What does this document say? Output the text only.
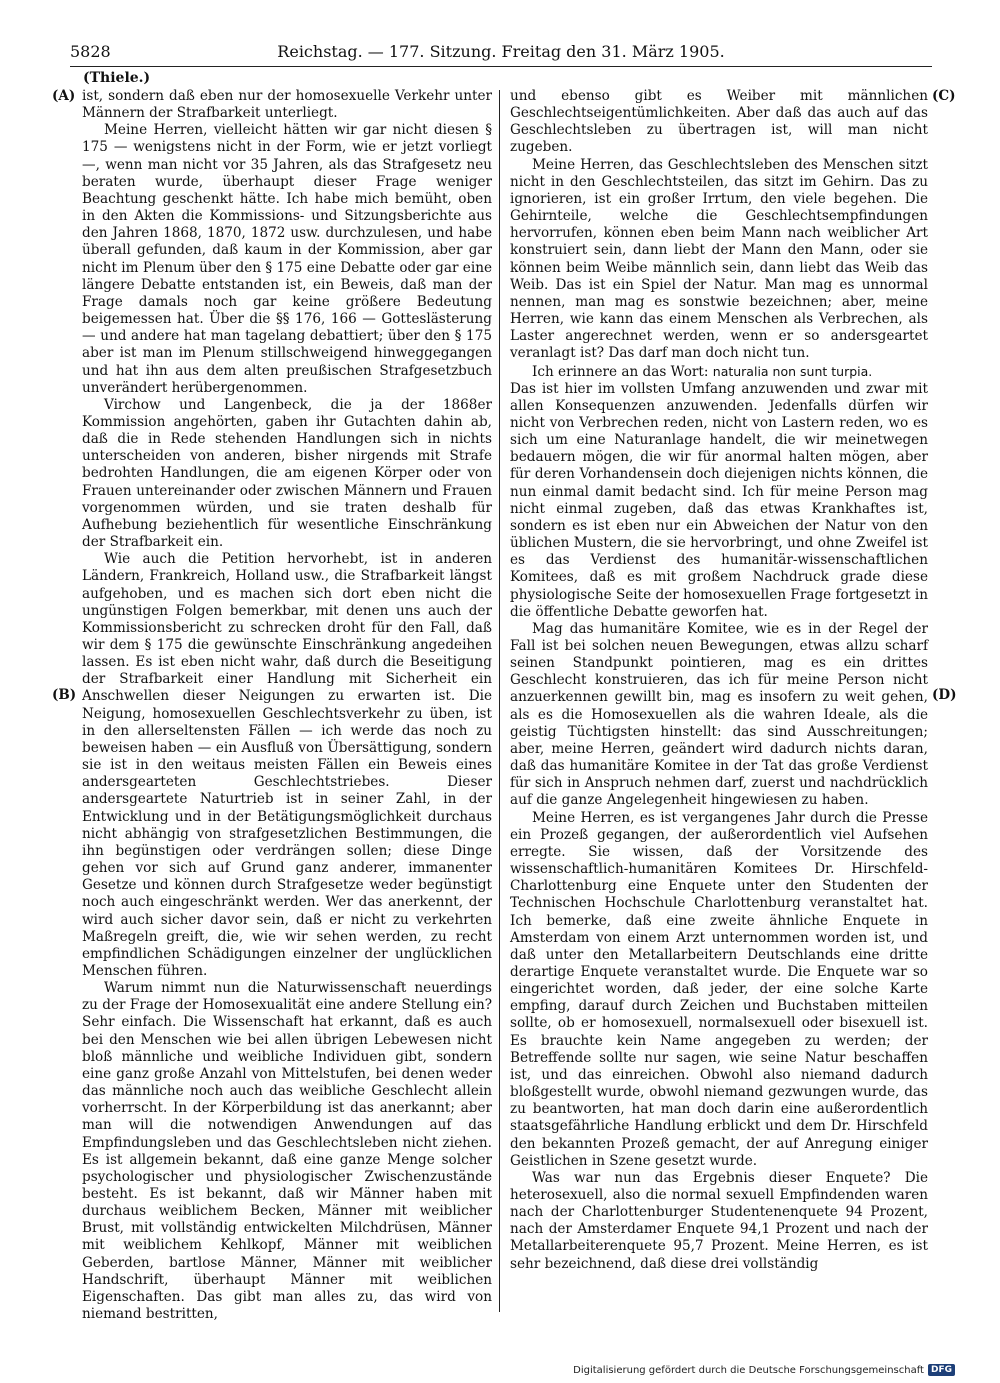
5828	Reichstag. — 177. Sitzung. Freitag den 31. März 1905.
(Thiele.)
(A)
(B)
(C)
(D)

ist, sondern daß eben nur der homosexuelle Verkehr unter Männern der Strafbarkeit unterliegt.

Meine Herren, vielleicht hätten wir gar nicht diesen § 175 — wenigstens nicht in der Form, wie er jetzt vorliegt —, wenn man nicht vor 35 Jahren, als das Strafgesetz neu beraten wurde, überhaupt dieser Frage weniger Beachtung geschenkt hätte. Ich habe mich bemüht, oben in den Akten die Kommissions- und Sitzungsberichte aus den Jahren 1868, 1870, 1872 usw. durchzulesen, und habe überall gefunden, daß kaum in der Kommission, aber gar nicht im Plenum über den § 175 eine Debatte oder gar eine längere Debatte entstanden ist, ein Beweis, daß man der Frage damals noch gar keine größere Bedeutung beigemessen hat. Über die §§ 176, 166 — Gotteslästerung — und andere hat man tagelang debattiert; über den § 175 aber ist man im Plenum stillschweigend hinweggegangen und hat ihn aus dem alten preußischen Strafgesetzbuch unverändert herübergenommen.

Virchow und Langenbeck, die ja der 1868er Kommission angehörten, gaben ihr Gutachten dahin ab, daß die in Rede stehenden Handlungen sich in nichts unterscheiden von anderen, bisher nirgends mit Strafe bedrohten Handlungen, die am eigenen Körper oder von Frauen untereinander oder zwischen Männern und Frauen vorgenommen würden, und sie traten deshalb für Aufhebung beziehentlich für wesentliche Einschränkung der Strafbarkeit ein.

Wie auch die Petition hervorhebt, ist in anderen Ländern, Frankreich, Holland usw., die Strafbarkeit längst aufgehoben, und es machen sich dort eben nicht die ungünstigen Folgen bemerkbar, mit denen uns auch der Kommissionsbericht zu schrecken droht für den Fall, daß wir dem § 175 die gewünschte Einschränkung angedeihen lassen. Es ist eben nicht wahr, daß durch die Beseitigung der Strafbarkeit einer Handlung mit Sicherheit ein Anschwellen dieser Neigungen zu erwarten ist. Die Neigung, homosexuellen Geschlechtsverkehr zu üben, ist in den allerseltensten Fällen — ich werde das noch zu beweisen haben — ein Ausfluß von Übersättigung, sondern sie ist in den weitaus meisten Fällen ein Beweis eines andersgearteten Geschlechtstriebes. Dieser andersgeartete Naturtrieb ist in seiner Zahl, in der Entwicklung und in der Betätigungsmöglichkeit durchaus nicht abhängig von strafgesetzlichen Bestimmungen, die ihn begünstigen oder verdrängen sollen; diese Dinge gehen vor sich auf Grund ganz anderer, immanenter Gesetze und können durch Strafgesetze weder begünstigt noch auch eingeschränkt werden. Wer das anerkennt, der wird auch sicher davor sein, daß er nicht zu verkehrten Maßregeln greift, die, wie wir sehen werden, zu recht empfindlichen Schädigungen einzelner der unglücklichen Menschen führen.

Warum nimmt nun die Naturwissenschaft neuerdings zu der Frage der Homosexualität eine andere Stellung ein? Sehr einfach. Die Wissenschaft hat erkannt, daß es auch bei den Menschen wie bei allen übrigen Lebewesen nicht bloß männliche und weibliche Individuen gibt, sondern eine ganz große Anzahl von Mittelstufen, bei denen weder das männliche noch auch das weibliche Geschlecht allein vorherrscht. In der Körperbildung ist das anerkannt; aber man will die notwendigen Anwendungen auf das Empfindungsleben und das Geschlechtsleben nicht ziehen. Es ist allgemein bekannt, daß eine ganze Menge solcher psychologischer und physiologischer Zwischenzustände besteht. Es ist bekannt, daß wir Männer haben mit durchaus weiblichem Becken, Männer mit weiblicher Brust, mit vollständig entwickelten Milchdrüsen, Männer mit weiblichem Kehlkopf, Männer mit weiblichen Geberden, bartlose Männer, Männer mit weiblicher Handschrift, überhaupt Männer mit weiblichen Eigenschaften. Das gibt man alles zu, das wird von niemand bestritten,

und ebenso gibt es Weiber mit männlichen Geschlechtseigentümlichkeiten. Aber daß das auch auf das Geschlechtsleben zu übertragen ist, will man nicht zugeben.

Meine Herren, das Geschlechtsleben des Menschen sitzt nicht in den Geschlechtsteilen, das sitzt im Gehirn. Das zu ignorieren, ist ein großer Irrtum, den viele begehen. Die Gehirnteile, welche die Geschlechtsempfindungen hervorrufen, können eben beim Mann nach weiblicher Art konstruiert sein, dann liebt der Mann den Mann, oder sie können beim Weibe männlich sein, dann liebt das Weib das Weib. Das ist ein Spiel der Natur. Man mag es unnormal nennen, man mag es sonstwie bezeichnen; aber, meine Herren, wie kann das einem Menschen als Verbrechen, als Laster angerechnet werden, wenn er so andersgeartet veranlagt ist? Das darf man doch nicht tun.

Ich erinnere an das Wort: naturalia non sunt turpia.

Das ist hier im vollsten Umfang anzuwenden und zwar mit allen Konsequenzen anzuwenden. Jedenfalls dürfen wir nicht von Verbrechen reden, nicht von Lastern reden, wo es sich um eine Naturanlage handelt, die wir meinetwegen bedauern mögen, die wir für anormal halten mögen, aber für deren Vorhandensein doch diejenigen nichts können, die nun einmal damit bedacht sind. Ich für meine Person mag nicht einmal zugeben, daß das etwas Krankhaftes ist, sondern es ist eben nur ein Abweichen der Natur von den üblichen Mustern, die sie hervorbringt, und ohne Zweifel ist es das Verdienst des humanitär-wissenschaftlichen Komitees, daß es mit großem Nachdruck grade diese physiologische Seite der homosexuellen Frage fortgesetzt in die öffentliche Debatte geworfen hat.

Mag das humanitäre Komitee, wie es in der Regel der Fall ist bei solchen neuen Bewegungen, etwas allzu scharf seinen Standpunkt pointieren, mag es ein drittes Geschlecht konstruieren, das ich für meine Person nicht anzuerkennen gewillt bin, mag es insofern zu weit gehen, als es die Homosexuellen als die wahren Ideale, als die geistig Tüchtigsten hinstellt: das sind Ausschreitungen; aber, meine Herren, geändert wird dadurch nichts daran, daß das humanitäre Komitee in der Tat das große Verdienst für sich in Anspruch nehmen darf, zuerst und nachdrücklich auf die ganze Angelegenheit hingewiesen zu haben.

Meine Herren, es ist vergangenes Jahr durch die Presse ein Prozeß gegangen, der außerordentlich viel Aufsehen erregte. Sie wissen, daß der Vorsitzende des wissenschaftlich-humanitären Komitees Dr. Hirschfeld-Charlottenburg eine Enquete unter den Studenten der Technischen Hochschule Charlottenburg veranstaltet hat. Ich bemerke, daß eine zweite ähnliche Enquete in Amsterdam von einem Arzt unternommen worden ist, und daß unter den Metallarbeitern Deutschlands eine dritte derartige Enquete veranstaltet wurde. Die Enquete war so eingerichtet worden, daß jeder, der eine solche Karte empfing, darauf durch Zeichen und Buchstaben mitteilen sollte, ob er homosexuell, normalsexuell oder bisexuell ist. Es brauchte kein Name angegeben zu werden; der Betreffende sollte nur sagen, wie seine Natur beschaffen ist, und das einreichen. Obwohl also niemand dadurch bloßgestellt wurde, obwohl niemand gezwungen wurde, das zu beantworten, hat man doch darin eine außerordentlich staatsgefährliche Handlung erblickt und dem Dr. Hirschfeld den bekannten Prozeß gemacht, der auf Anregung einiger Geistlichen in Szene gesetzt wurde.

Was war nun das Ergebnis dieser Enquete? Die heterosexuell, also die normal sexuell Empfindenden waren nach der Charlottenburger Studentenenquete 94 Prozent, nach der Amsterdamer Enquete 94,1 Prozent und nach der Metallarbeiterenquete 95,7 Prozent. Meine Herren, es ist sehr bezeichnend, daß diese drei vollständig

Digitalisierung gefördert durch die Deutsche Forschungsgemeinschaft DFG
